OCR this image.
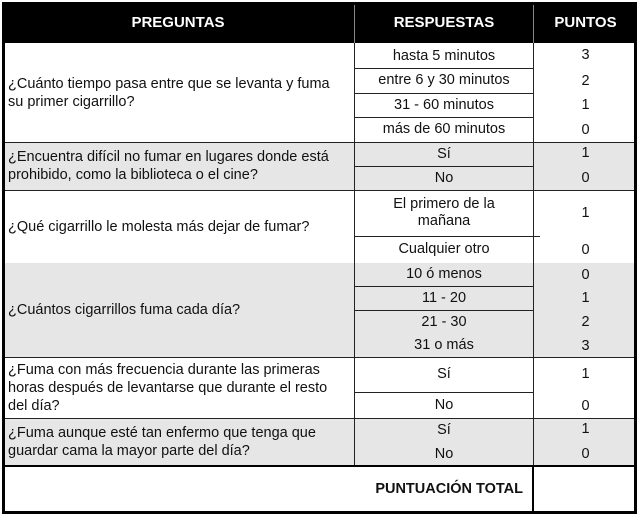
PREGUNTAS	RESPUESTAS	PUNTOS
¿Cuánto tiempo pasa entre que se levanta y fuma su primer cigarrillo?
hasta 5 minutos	3
entre 6 y 30 minutos	2
31 - 60 minutos	1
más de 60 minutos	0
¿Encuentra difícil no fumar en lugares donde está prohibido, como la biblioteca o el cine?
Sí	1
No	0
¿Qué cigarrillo le molesta más dejar de fumar?
El primero de la mañana	1
Cualquier otro	0
¿Cuántos cigarrillos fuma cada día?
10 ó menos	0
11 - 20	1
21 - 30	2
31 o más	3
¿Fuma con más frecuencia durante las primeras horas después de levantarse que durante el resto del día?
Sí	1
No	0
¿Fuma aunque esté tan enfermo que tenga que guardar cama la mayor parte del día?
Sí	1
No	0
PUNTUACIÓN TOTAL
